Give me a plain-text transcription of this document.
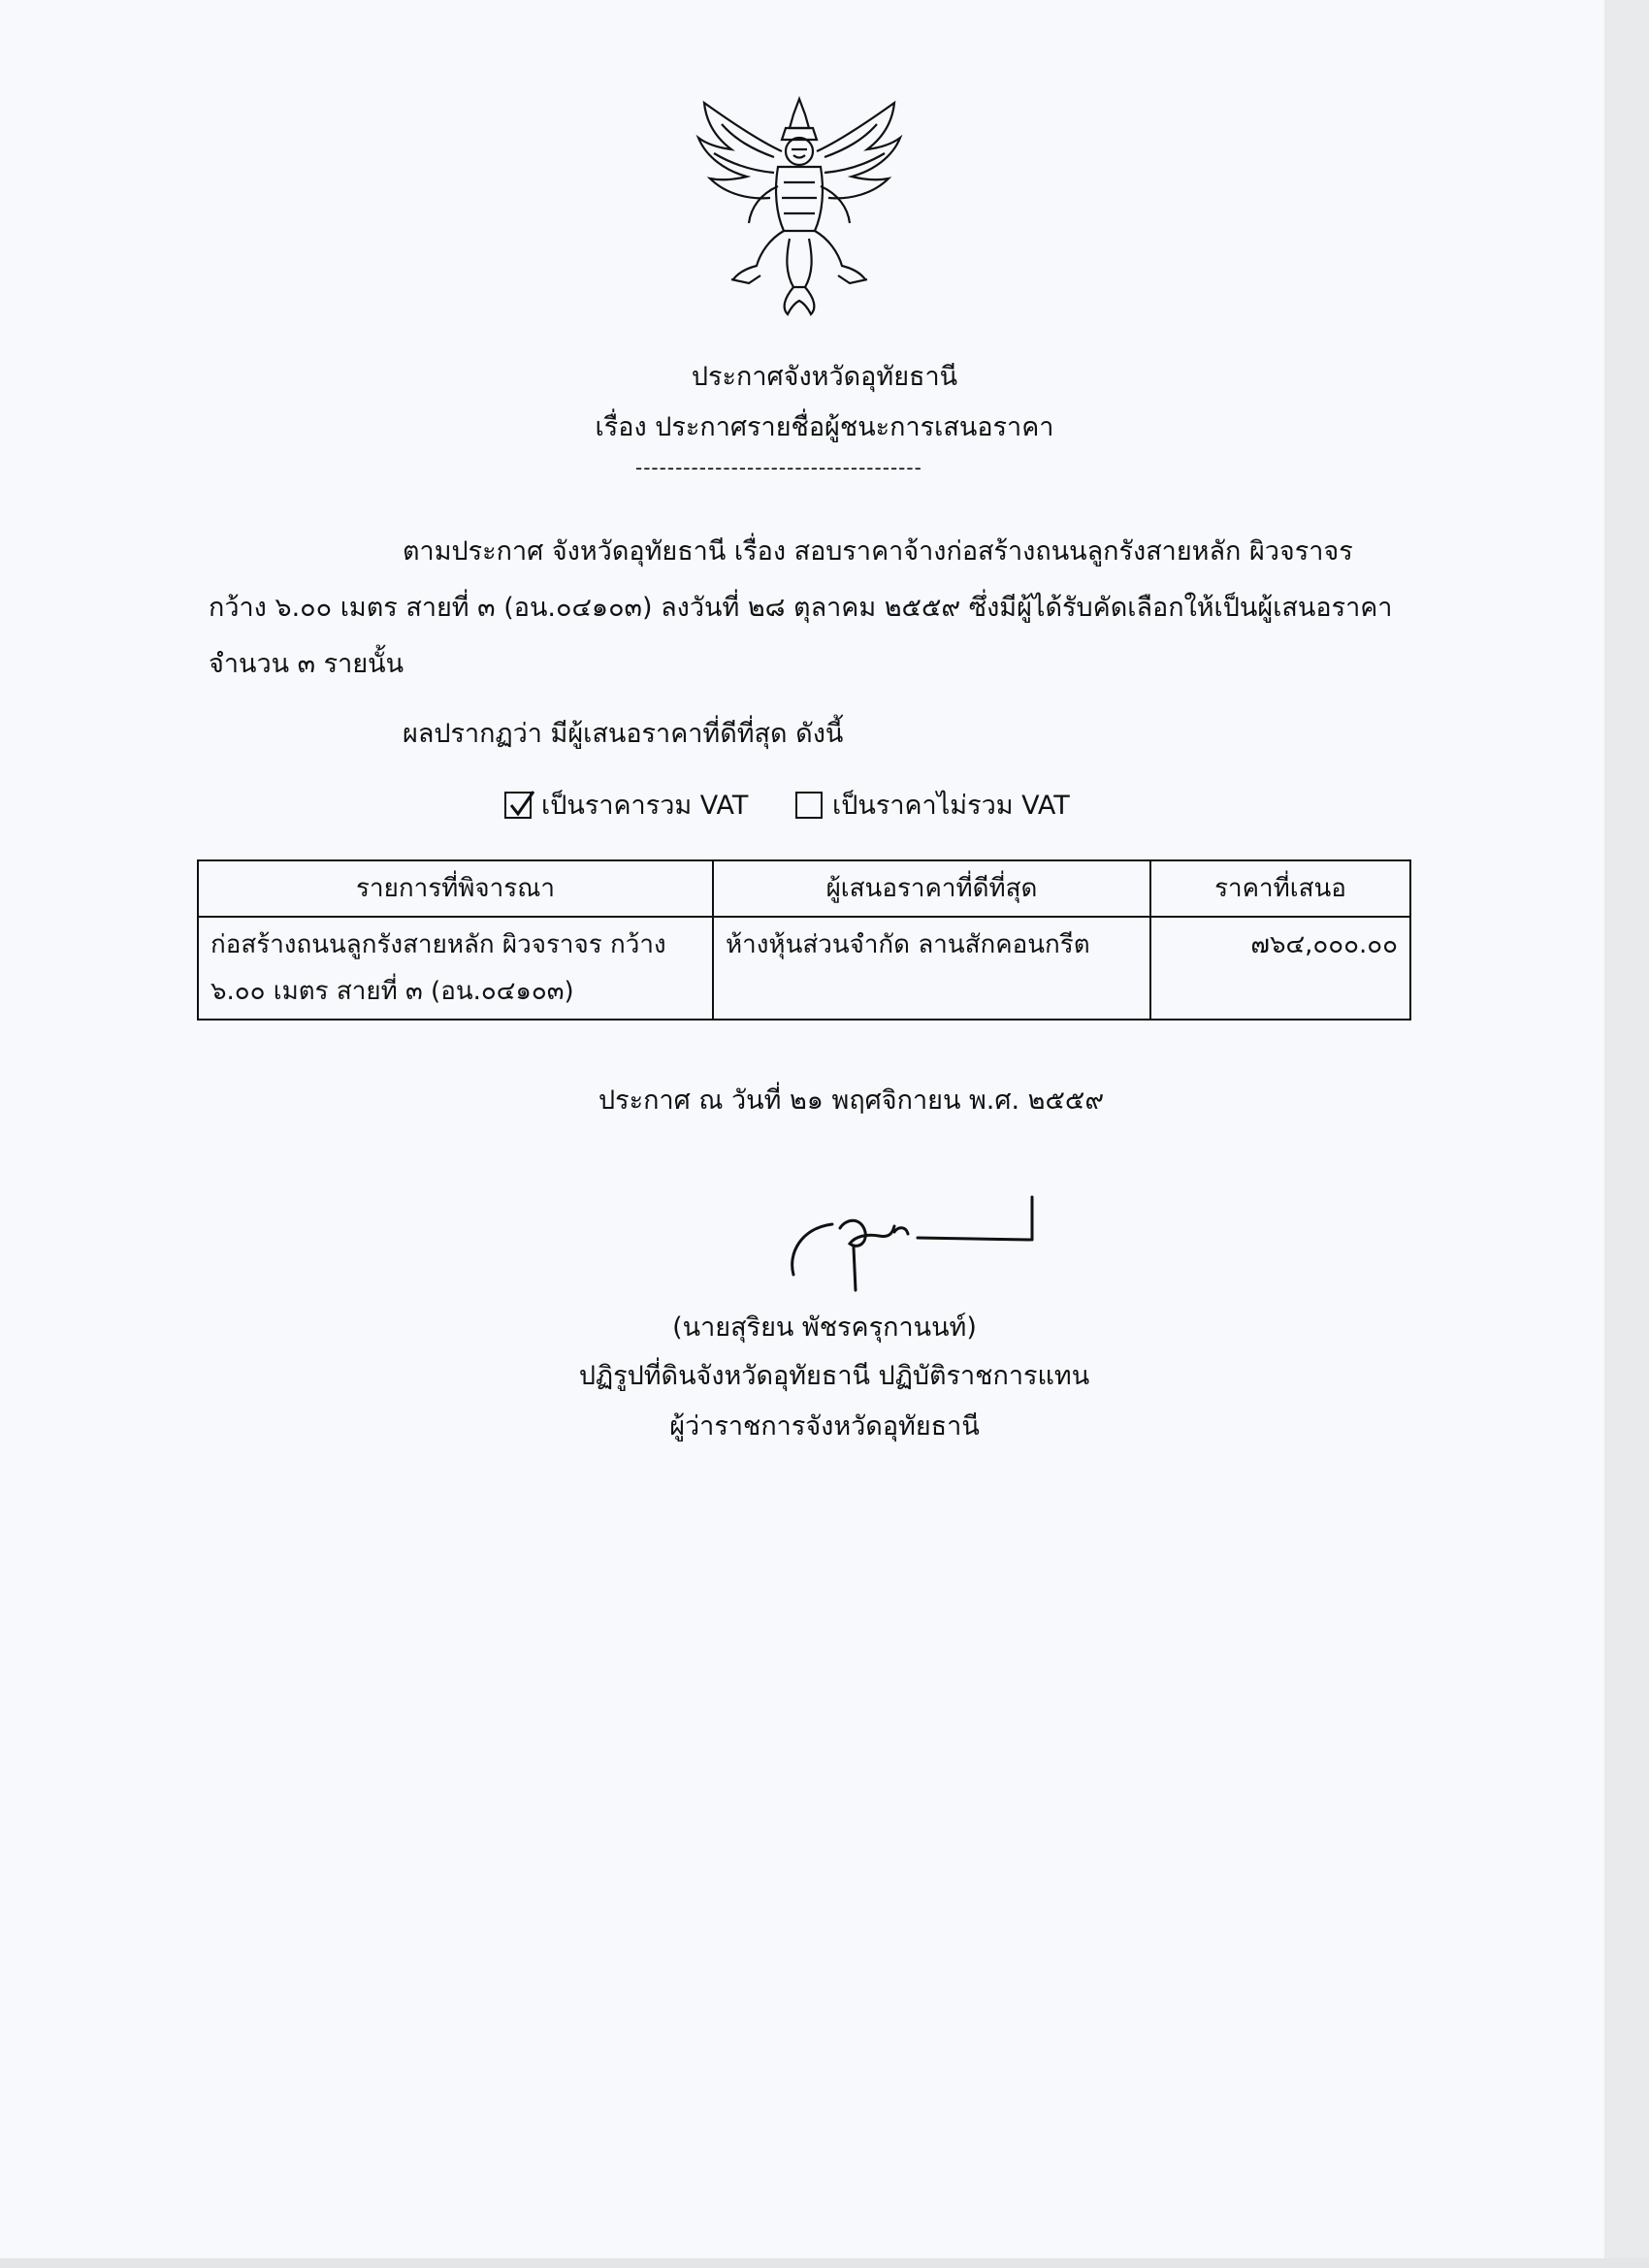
ประกาศจังหวัดอุทัยธานี
เรื่อง ประกาศรายชื่อผู้ชนะการเสนอราคา
------------------------------------
ตามประกาศ จังหวัดอุทัยธานี เรื่อง สอบราคาจ้างก่อสร้างถนนลูกรังสายหลัก ผิวจราจร กว้าง ๖.๐๐ เมตร สายที่ ๓ (อน.๐๔๑๐๓) ลงวันที่ ๒๘ ตุลาคม ๒๕๕๙ ซึ่งมีผู้ได้รับคัดเลือกให้เป็นผู้เสนอราคาจำนวน ๓ รายนั้น
ผลปรากฏว่า มีผู้เสนอราคาที่ดีที่สุด ดังนี้
เป็นราคารวม VAT	เป็นราคาไม่รวม VAT
รายการที่พิจารณา	ผู้เสนอราคาที่ดีที่สุด	ราคาที่เสนอ
ก่อสร้างถนนลูกรังสายหลัก ผิวจราจร กว้าง ๖.๐๐ เมตร สายที่ ๓ (อน.๐๔๑๐๓)	ห้างหุ้นส่วนจำกัด ลานสักคอนกรีต	๗๖๔,๐๐๐.๐๐
ประกาศ ณ วันที่ ๒๑ พฤศจิกายน พ.ศ. ๒๕๕๙
(นายสุริยน พัชรครุกานนท์)
ปฏิรูปที่ดินจังหวัดอุทัยธานี ปฏิบัติราชการแทน
ผู้ว่าราชการจังหวัดอุทัยธานี
